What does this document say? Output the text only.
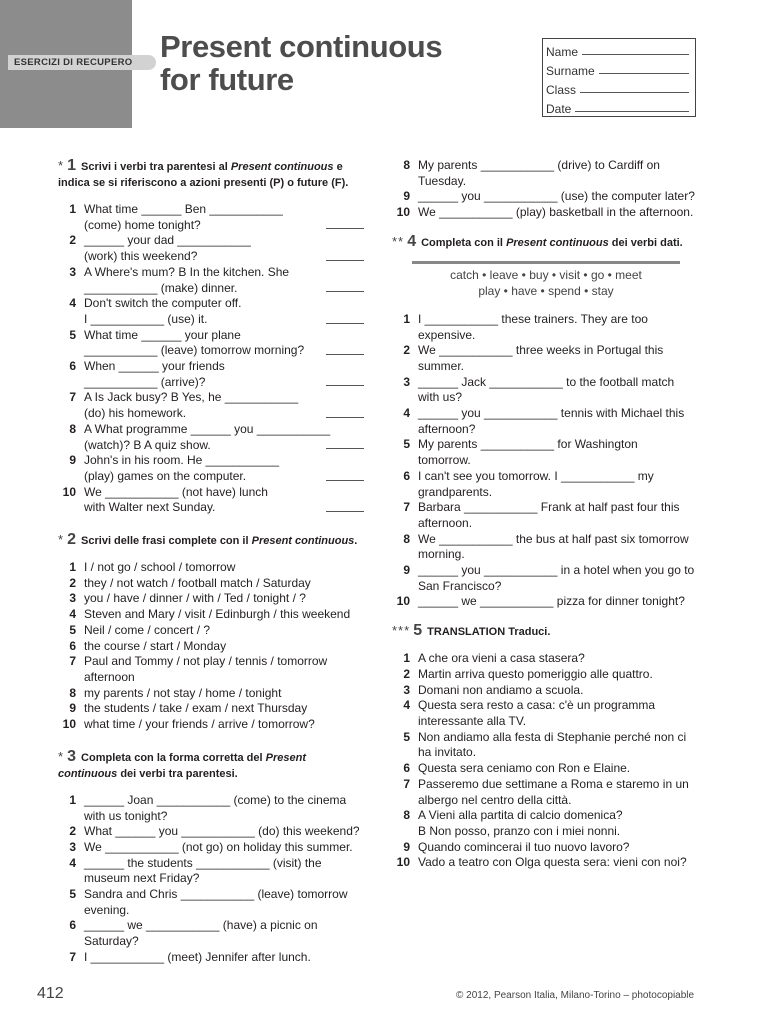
ESERCIZI DI RECUPERO Present continuous
for future
Name
Surname
Class
Date
*
1 Scrivi i verbi tra parentesi al Present continuous e
indica se si riferiscono a azioni presenti (P) o future (F).
1 What time ______ Ben ___________
(come) home tonight?
2 ______ your dad ___________
(work) this weekend?
3 A Where's mum? B In the kitchen. She
___________ (make) dinner.
4 Don't switch the computer off.
I ___________ (use) it.
5 What time ______ your plane
___________ (leave) tomorrow morning?
6 When ______ your friends
___________ (arrive)?
7 A Is Jack busy? B Yes, he ___________
(do) his homework.
8 A What programme ______ you ___________
(watch)? B A quiz show.
9 John's in his room. He ___________
(play) games on the computer.
10 We ___________ (not have) lunch
with Walter next Sunday.
*
2 Scrivi delle frasi complete con il Present continuous .
1 I / not go / school / tomorrow
2 they / not watch / football match / Saturday
3 you / have / dinner / with / Ted / tonight / ?
4 Steven and Mary / visit / Edinburgh / this weekend
5 Neil / come / concert / ?
6 the course / start / Monday
7 Paul and Tommy / not play / tennis / tomorrow
afternoon
8 my parents / not stay / home / tonight
9 the students / take / exam / next Thursday
10 what time / your friends / arrive / tomorrow?
*
3 Completa con la forma corretta del Present
continuous dei verbi tra parentesi.
1 ______ Joan ___________ (come) to the cinema
with us tonight?
2 What ______ you ___________ (do) this weekend?
3 We ___________ (not go) on holiday this summer.
4 ______ the students ___________ (visit) the
museum next Friday?
5 Sandra and Chris ___________ (leave) tomorrow
evening.
6 ______ we ___________ (have) a picnic on
Saturday?
7 I ___________ (meet) Jennifer after lunch.
8 My parents ___________ (drive) to Cardiff on
Tuesday.
9 ______ you ___________ (use) the computer later?
10 We ___________ (play) basketball in the afternoon.
**
4 Completa con il Present continuous dei verbi dati.
catch • leave • buy • visit • go • meet
play • have • spend • stay
1 I ___________ these trainers. They are too
expensive.
2 We ___________ three weeks in Portugal this
summer.
3 ______ Jack ___________ to the football match
with us?
4 ______ you ___________ tennis with Michael this
afternoon?
5 My parents ___________ for Washington
tomorrow.
6 I can't see you tomorrow. I ___________ my
grandparents.
7 Barbara ___________ Frank at half past four this
afternoon.
8 We ___________ the bus at half past six tomorrow
morning.
9 ______ you ___________ in a hotel when you go to
San Francisco?
10 ______ we ___________ pizza for dinner tonight?
***
5 TRANSLATION Traduci.
1 A che ora vieni a casa stasera?
2 Martin arriva questo pomeriggio alle quattro.
3 Domani non andiamo a scuola.
4 Questa sera resto a casa: c'è un programma
interessante alla TV.
5 Non andiamo alla festa di Stephanie perché non ci
ha invitato.
6 Questa sera ceniamo con Ron e Elaine.
7 Passeremo due settimane a Roma e staremo in un
albergo nel centro della città.
8 A Vieni alla partita di calcio domenica?
B Non posso, pranzo con i miei nonni.
9 Quando comincerai il tuo nuovo lavoro?
10 Vado a teatro con Olga questa sera: vieni con noi?
412	© 2012, Pearson Italia, Milano-Torino – photocopiable
